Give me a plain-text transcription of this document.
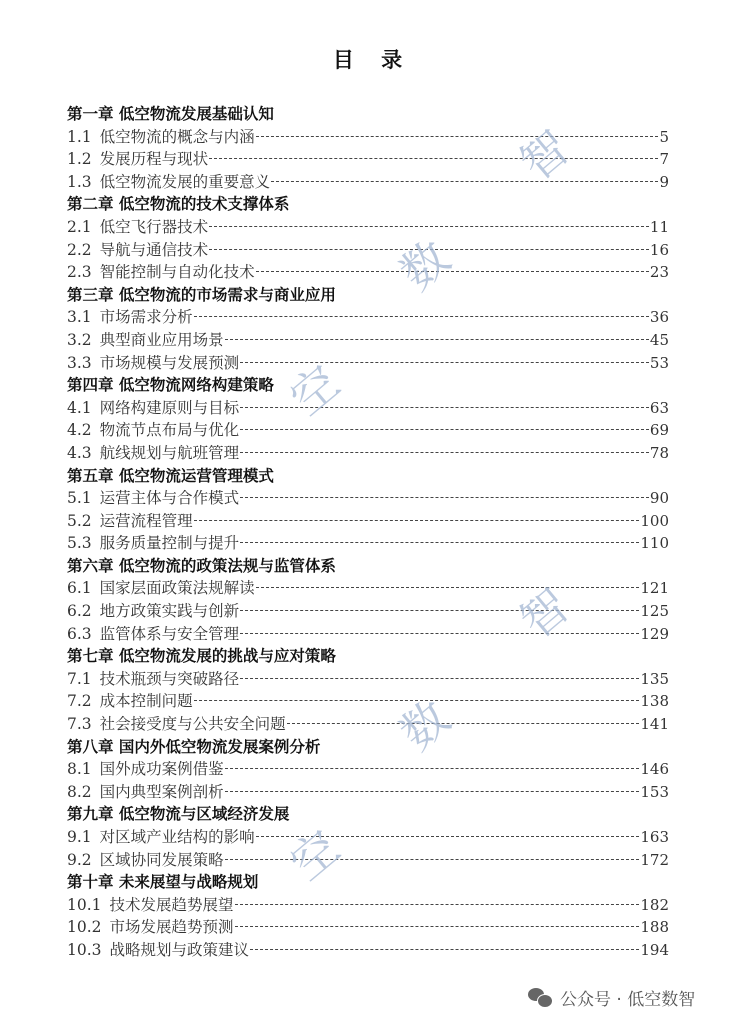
目 录
第一章 低空物流发展基础认知
1.1 低空物流的概念与内涵	5
1.2 发展历程与现状	7
1.3 低空物流发展的重要意义	9
第二章 低空物流的技术支撑体系
2.1 低空飞行器技术	11
2.2 导航与通信技术	16
2.3 智能控制与自动化技术	23
第三章 低空物流的市场需求与商业应用
3.1 市场需求分析	36
3.2 典型商业应用场景	45
3.3 市场规模与发展预测	53
第四章 低空物流网络构建策略
4.1 网络构建原则与目标	63
4.2 物流节点布局与优化	69
4.3 航线规划与航班管理	78
第五章 低空物流运营管理模式
5.1 运营主体与合作模式	90
5.2 运营流程管理	100
5.3 服务质量控制与提升	110
第六章 低空物流的政策法规与监管体系
6.1 国家层面政策法规解读	121
6.2 地方政策实践与创新	125
6.3 监管体系与安全管理	129
第七章 低空物流发展的挑战与应对策略
7.1 技术瓶颈与突破路径	135
7.2 成本控制问题	138
7.3 社会接受度与公共安全问题	141
第八章 国内外低空物流发展案例分析
8.1 国外成功案例借鉴	146
8.2 国内典型案例剖析	153
第九章 低空物流与区域经济发展
9.1 对区域产业结构的影响	163
9.2 区域协同发展策略	172
第十章 未来展望与战略规划
10.1 技术发展趋势展望	182
10.2 市场发展趋势预测	188
10.3 战略规划与政策建议	194
智
数
空
智
数
空
公众号 · 低空数智
